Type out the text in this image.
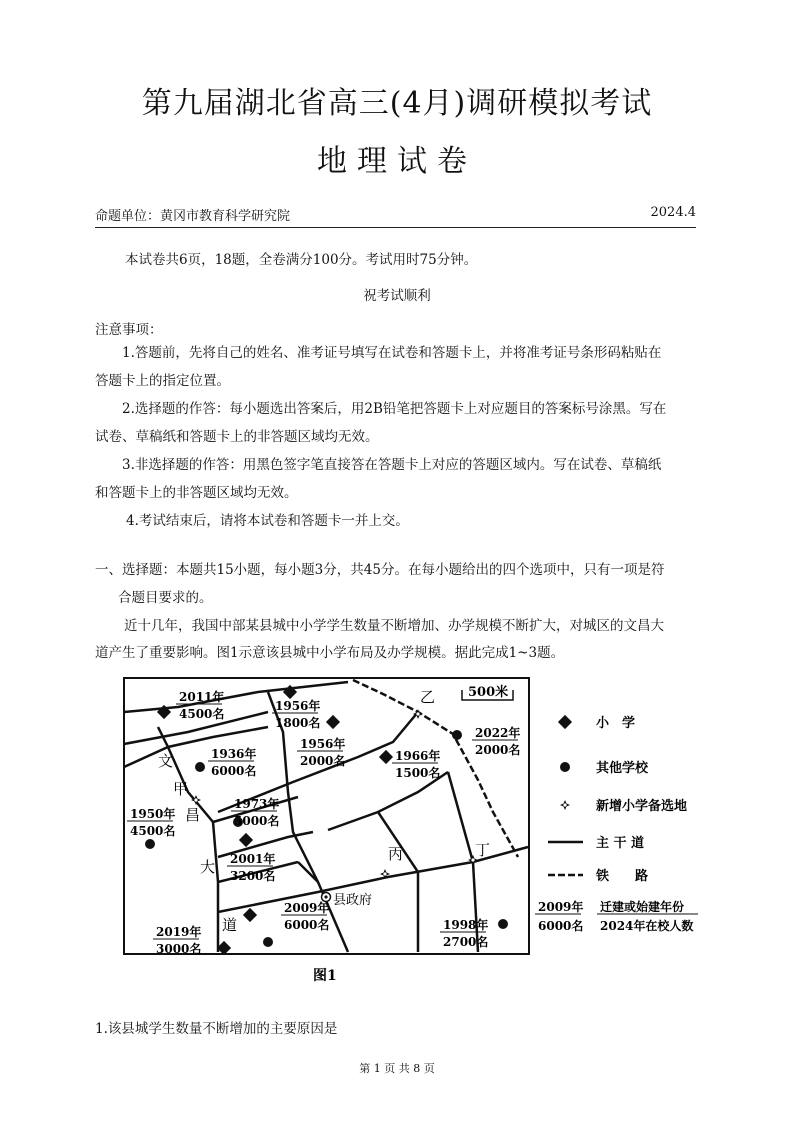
第九届湖北省高三(4月)调研模拟考试
地理试卷
命题单位：黄冈市教育科学研究院	2024.4
本试卷共6页，18题，全卷满分100分。考试用时75分钟。
祝考试顺利
注意事项：
1.答题前，先将自己的姓名、准考证号填写在试卷和答题卡上，并将准考证号条形码粘贴在
答题卡上的指定位置。
2.选择题的作答：每小题选出答案后，用2B铅笔把答题卡上对应题目的答案标号涂黑。写在
试卷、草稿纸和答题卡上的非答题区域均无效。
3.非选择题的作答：用黑色签字笔直接答在答题卡上对应的答题区域内。写在试卷、草稿纸
和答题卡上的非答题区域均无效。
4.考试结束后，请将本试卷和答题卡一并上交。
一、选择题：本题共15小题，每小题3分，共45分。在每小题给出的四个选项中，只有一项是符
合题目要求的。
近十几年，我国中部某县城中小学学生数量不断增加、办学规模不断扩大，对城区的文昌大
道产生了重要影响。图1示意该县城中小学布局及办学规模。据此完成1~3题。
500米
乙
甲
丙	丁
文
昌
大
道
县政府
2011年
4500名
1956年
1800名
1956年
2000名
2022年
2000名
1936年
6000名
1966年
1500名
1950年
4500名
1973年
5000名
2001年
3200名
2009年
6000名
2019年
3000名
1998年
2700名
小　学
其他学校
新增小学备选地
主 干 道
铁　　路
2009年
6000名
迁建或始建年份
2024年在校人数
图1
1.该县城学生数量不断增加的主要原因是
第 1 页 共 8 页
